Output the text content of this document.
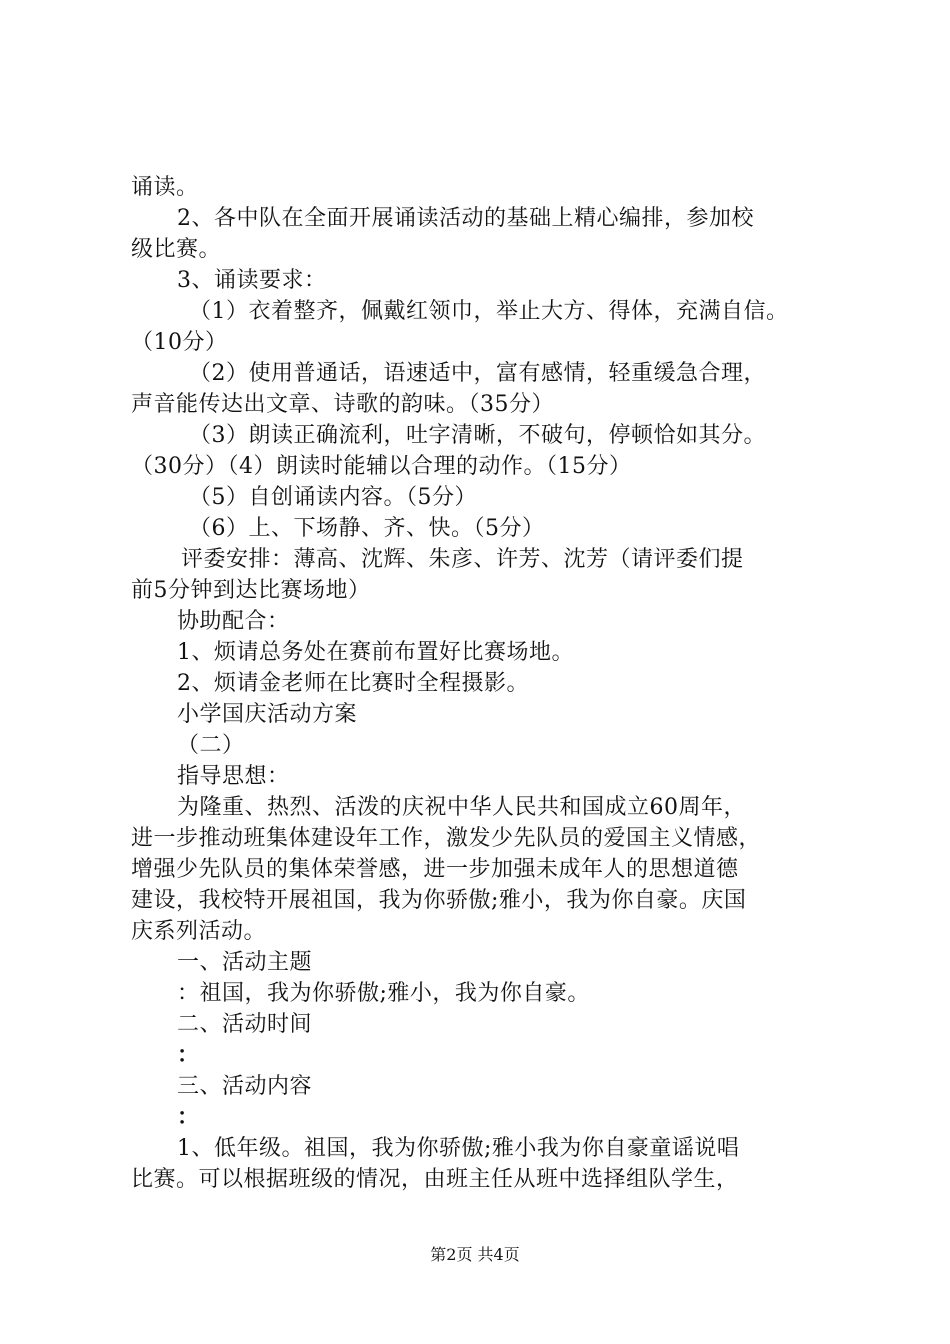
诵读。
2、各中队在全面开展诵读活动的基础上精心编排，参加校
级比赛。
3、诵读要求：
（1）衣着整齐，佩戴红领巾，举止大方、得体，充满自信。
（10分）
（2）使用普通话，语速适中，富有感情，轻重缓急合理，
声音能传达出文章、诗歌的韵味。（35分）
（3）朗读正确流利，吐字清晰，不破句，停顿恰如其分。
（30分）（4）朗读时能辅以合理的动作。（15分）
（5）自创诵读内容。（5分）
（6）上、下场静、齐、快。（5分）
评委安排：薄高、沈辉、朱彦、许芳、沈芳（请评委们提
前5分钟到达比赛场地）
协助配合：
1、烦请总务处在赛前布置好比赛场地。
2、烦请金老师在比赛时全程摄影。
小学国庆活动方案
（二）
指导思想：
为隆重、热烈、活泼的庆祝中华人民共和国成立60周年，
进一步推动班集体建设年工作，激发少先队员的爱国主义情感，
增强少先队员的集体荣誉感，进一步加强未成年人的思想道德
建设，我校特开展祖国，我为你骄傲;雅小，我为你自豪。庆国
庆系列活动。
一、活动主题
：祖国，我为你骄傲;雅小，我为你自豪。
二、活动时间
：
三、活动内容
：
1、低年级。祖国，我为你骄傲;雅小我为你自豪童谣说唱
比赛。可以根据班级的情况，由班主任从班中选择组队学生，
第2页 共4页
